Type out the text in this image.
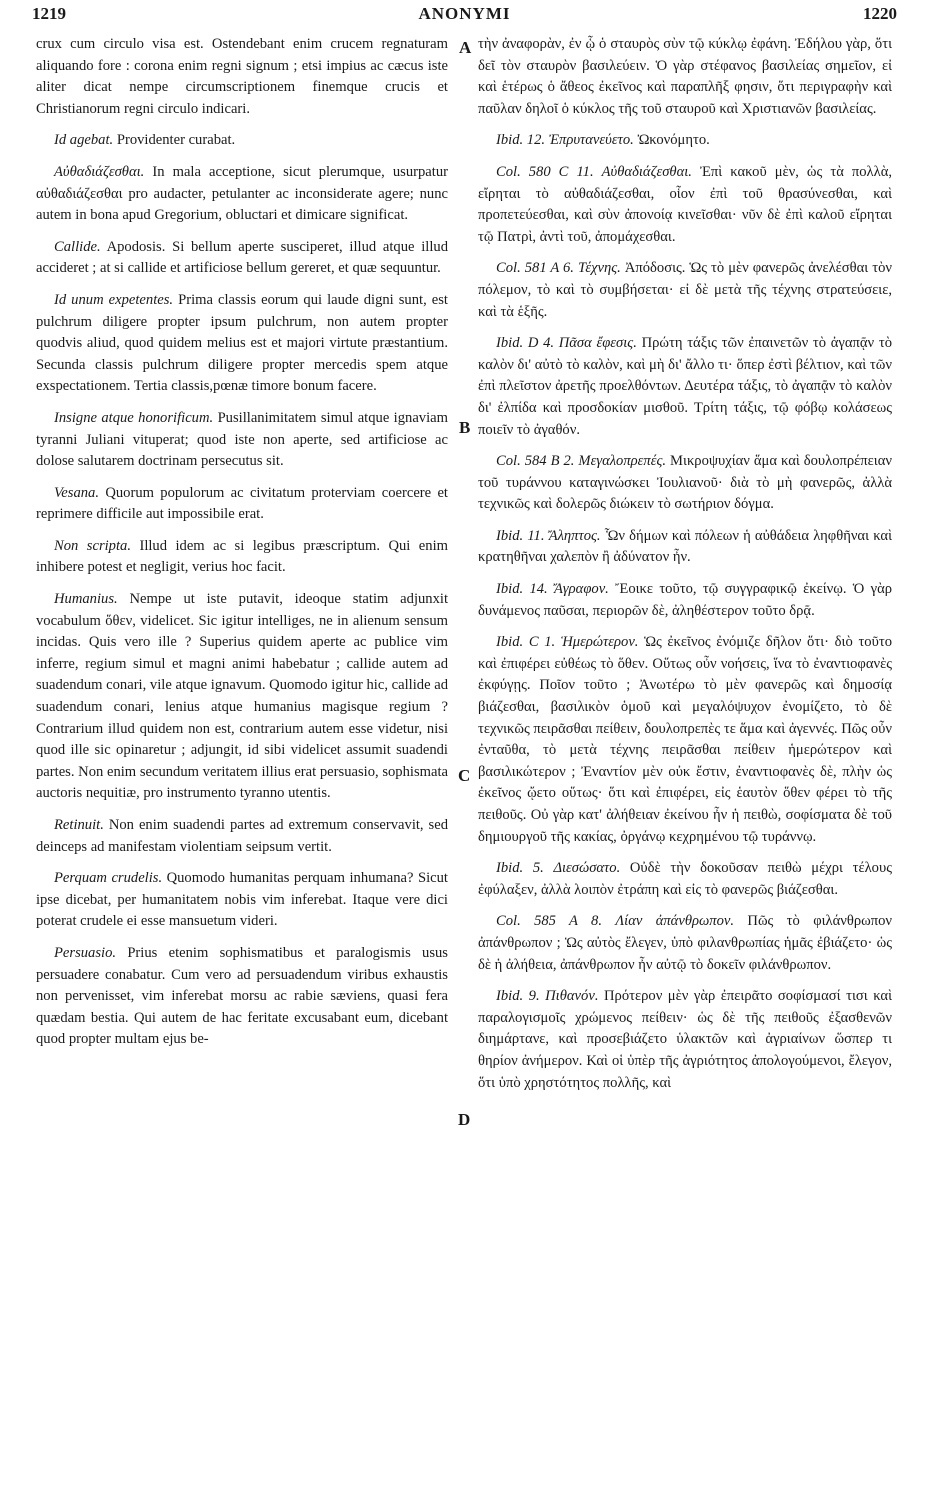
1219	ANONYMI	1220
A
B
C
D

crux cum circulo visa est. Ostendebant enim crucem regnaturam aliquando fore : corona enim regni signum ; etsi impius ac cæcus iste aliter dicat nempe circumscriptionem finemque crucis et Christianorum regni circulo indicari.

Id agebat. Providenter curabat.

Αὐθαδιάζεσθαι. In mala acceptione, sicut plerumque, usurpatur αὐθαδιάζεσθαι pro audacter, petulanter ac inconsiderate agere; nunc autem in bona apud Gregorium, obluctari et dimicare significat.

Callide. Apodosis. Si bellum aperte susciperet, illud atque illud accideret ; at si callide et artificiose bellum gereret, et quæ sequuntur.

Id unum expetentes. Prima classis eorum qui laude digni sunt, est pulchrum diligere propter ipsum pulchrum, non autem propter quodvis aliud, quod quidem melius est et majori virtute præstantium. Secunda classis pulchrum diligere propter mercedis spem atque exspectationem. Tertia classis,pœnæ timore bonum facere.

Insigne atque honorificum. Pusillanimitatem simul atque ignaviam tyranni Juliani vituperat; quod iste non aperte, sed artificiose ac dolose salutarem doctrinam persecutus sit.

Vesana. Quorum populorum ac civitatum proterviam coercere et reprimere difficile aut impossibile erat.

Non scripta. Illud idem ac si legibus præscriptum. Qui enim inhibere potest et negligit, verius hoc facit.

Humanius. Nempe ut iste putavit, ideoque statim adjunxit vocabulum ὅθεν, videlicet. Sic igitur intelliges, ne in alienum sensum incidas. Quis vero ille ? Superius quidem aperte ac publice vim inferre, regium simul et magni animi habebatur ; callide autem ad suadendum conari, vile atque ignavum. Quomodo igitur hic, callide ad suadendum conari, lenius atque humanius magisque regium ? Contrarium illud quidem non est, contrarium autem esse videtur, nisi quod ille sic opinaretur ; adjungit, id sibi videlicet assumit suadendi partes. Non enim secundum veritatem illius erat persuasio, sophismata auctoris nequitiæ, pro instrumento tyranno utentis.

Retinuit. Non enim suadendi partes ad extremum conservavit, sed deinceps ad manifestam violentiam seipsum vertit.

Perquam crudelis. Quomodo humanitas perquam inhumana? Sicut ipse dicebat, per humanitatem nobis vim inferebat. Itaque vere dici poterat crudele ei esse mansuetum videri.

Persuasio. Prius etenim sophismatibus et paralogismis usus persuadere conabatur. Cum vero ad persuadendum viribus exhaustis non pervenisset, vim inferebat morsu ac rabie sæviens, quasi fera quædam bestia. Qui autem de hac feritate excusabant eum, dicebant quod propter multam ejus be-

τὴν ἀναφορὰν, ἐν ᾧ ὁ σταυρὸς σὺν τῷ κύκλῳ ἐφάνη. Ἐδήλου γὰρ, ὅτι δεῖ τὸν σταυρὸν βασιλεύειν. Ὁ γὰρ στέφανος βασιλείας σημεῖον, εἰ καὶ ἑτέρως ὁ ἄθεος ἐκεῖνος καὶ παραπλῆξ φησιν, ὅτι περιγραφὴν καὶ παῦλαν δηλοῖ ὁ κύκλος τῆς τοῦ σταυροῦ καὶ Χριστιανῶν βασιλείας.

Ibid. 12. Ἐπρυτανεύετο. Ὠκονόμητο.

Col. 580 C 11. Αὐθαδιάζεσθαι. Ἐπὶ κακοῦ μὲν, ὡς τὰ πολλὰ, εἴρηται τὸ αὐθαδιάζεσθαι, οἷον ἐπὶ τοῦ θρασύνεσθαι, καὶ προπετεύεσθαι, καὶ σὺν ἀπονοίᾳ κινεῖσθαι· νῦν δὲ ἐπὶ καλοῦ εἴρηται τῷ Πατρὶ, ἀντὶ τοῦ, ἀπομάχεσθαι.

Col. 581 A 6. Τέχνης. Ἀπόδοσις. Ὡς τὸ μὲν φανερῶς ἀνελέσθαι τὸν πόλεμον, τὸ καὶ τὸ συμβήσεται· εἰ δὲ μετὰ τῆς τέχνης στρατεύσειε, καὶ τὰ ἑξῆς.

Ibid. D 4. Πᾶσα ἔφεσις. Πρώτη τάξις τῶν ἐπαινετῶν τὸ ἀγαπᾷν τὸ καλὸν δι' αὐτὸ τὸ καλὸν, καὶ μὴ δι' ἄλλο τι· ὅπερ ἐστὶ βέλτιον, καὶ τῶν ἐπὶ πλεῖστον ἀρετῆς προελθόντων. Δευτέρα τάξις, τὸ ἀγαπᾷν τὸ καλὸν δι' ἐλπίδα καὶ προσδοκίαν μισθοῦ. Τρίτη τάξις, τῷ φόβῳ κολάσεως ποιεῖν τὸ ἀγαθόν.

Col. 584 B 2. Μεγαλοπρεπές. Μικροψυχίαν ἅμα καὶ δουλοπρέπειαν τοῦ τυράννου καταγινώσκει Ἰουλιανοῦ· διὰ τὸ μὴ φανερῶς, ἀλλὰ τεχνικῶς καὶ δολερῶς διώκειν τὸ σωτήριον δόγμα.

Ibid. 11. Ἄληπτος. Ὧν δήμων καὶ πόλεων ἡ αὐθάδεια ληφθῆναι καὶ κρατηθῆναι χαλεπὸν ἢ ἀδύνατον ἦν.

Ibid. 14. Ἄγραφον. Ἔοικε τοῦτο, τῷ συγγραφικῷ ἐκείνῳ. Ὁ γὰρ δυνάμενος παῦσαι, περιορῶν δὲ, ἀληθέστερον τοῦτο δρᾷ.

Ibid. C 1. Ἡμερώτερον. Ὡς ἐκεῖνος ἐνόμιζε δῆλον ὅτι· διὸ τοῦτο καὶ ἐπιφέρει εὐθέως τὸ ὅθεν. Οὕτως οὖν νοήσεις, ἵνα τὸ ἐναντιοφανὲς ἐκφύγῃς. Ποῖον τοῦτο ; Ἀνωτέρω τὸ μὲν φανερῶς καὶ δημοσίᾳ βιάζεσθαι, βασιλικὸν ὁμοῦ καὶ μεγαλόψυχον ἐνομίζετο, τὸ δὲ τεχνικῶς πειρᾶσθαι πείθειν, δουλοπρεπὲς τε ἅμα καὶ ἀγεννές. Πῶς οὖν ἐνταῦθα, τὸ μετὰ τέχνης πειρᾶσθαι πείθειν ἡμερώτερον καὶ βασιλικώτερον ; Ἐναντίον μὲν οὐκ ἔστιν, ἐναντιοφανὲς δὲ, πλὴν ὡς ἐκεῖνος ᾤετο οὕτως· ὅτι καὶ ἐπιφέρει, εἰς ἑαυτὸν ὅθεν φέρει τὸ τῆς πειθοῦς. Οὐ γὰρ κατ' ἀλήθειαν ἐκείνου ἦν ἡ πειθὼ, σοφίσματα δὲ τοῦ δημιουργοῦ τῆς κακίας, ὀργάνῳ κεχρημένου τῷ τυράννῳ.

Ibid. 5. Διεσώσατο. Οὐδὲ τὴν δοκοῦσαν πειθὼ μέχρι τέλους ἐφύλαξεν, ἀλλὰ λοιπὸν ἐτράπη καὶ εἰς τὸ φανερῶς βιάζεσθαι.

Col. 585 A 8. Λίαν ἀπάνθρωπον. Πῶς τὸ φιλάνθρωπον ἀπάνθρωπον ; Ὡς αὐτὸς ἔλεγεν, ὑπὸ φιλανθρωπίας ἡμᾶς ἐβιάζετο· ὡς δὲ ἡ ἀλήθεια, ἀπάνθρωπον ἦν αὐτῷ τὸ δοκεῖν φιλάνθρωπον.

Ibid. 9. Πιθανόν. Πρότερον μὲν γὰρ ἐπειρᾶτο σοφίσμασί τισι καὶ παραλογισμοῖς χρώμενος πείθειν· ὡς δὲ τῆς πειθοῦς ἐξασθενῶν διημάρτανε, καὶ προσεβιάζετο ὑλακτῶν καὶ ἀγριαίνων ὥσπερ τι θηρίον ἀνήμερον. Καὶ οἱ ὑπὲρ τῆς ἀγριότητος ἀπολογούμενοι, ἔλεγον, ὅτι ὑπὸ χρηστότητος πολλῆς, καὶ
